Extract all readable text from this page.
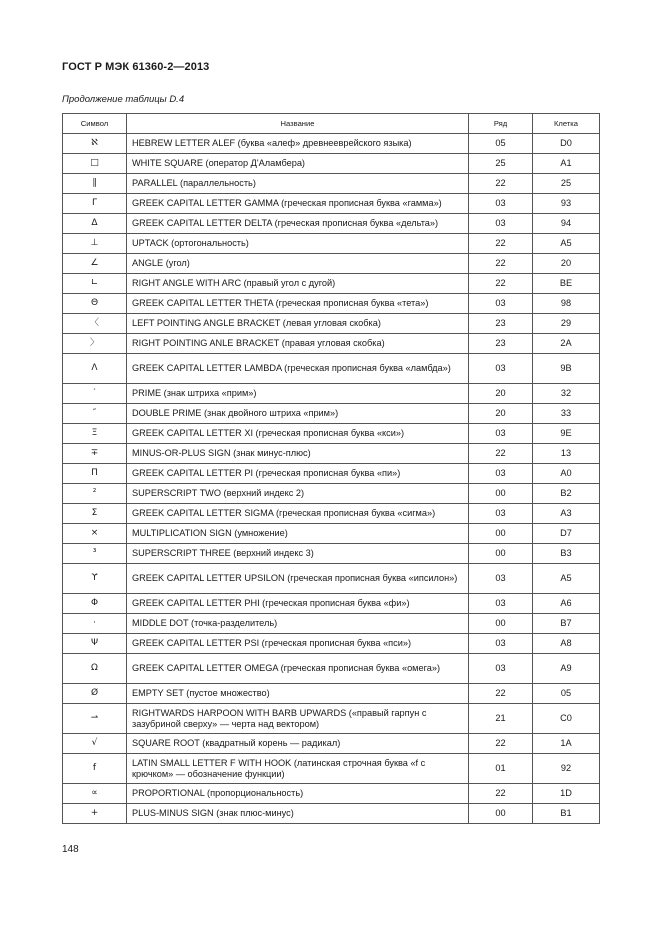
ГОСТ Р МЭК 61360-2—2013
Продолжение таблицы D.4
Символ	Название	Ряд	Клетка
ℵ	HEBREW LETTER ALEF (буква «алеф» древнееврейского языка)	05	D0
□	WHITE SQUARE (оператор Д'Аламбера)	25	A1
∥	PARALLEL (параллельность)	22	25
Γ	GREEK CAPITAL LETTER GAMMA (греческая прописная буква «гамма»)	03	93
Δ	GREEK CAPITAL LETTER DELTA (греческая прописная буква «дельта»)	03	94
⊥	UPTACK (ортогональность)	22	A5
∠	ANGLE (угол)	22	20
∟	RIGHT ANGLE WITH ARC (правый угол с дугой)	22	BE
Θ	GREEK CAPITAL LETTER THETA (греческая прописная буква «тета»)	03	98
〈	LEFT POINTING ANGLE BRACKET (левая угловая скобка)	23	29
〉	RIGHT POINTING ANLE BRACKET (правая угловая скобка)	23	2A
Λ	GREEK CAPITAL LETTER LAMBDA (греческая прописная буква «ламбда»)	03	9B
′	PRIME (знак штриха «прим»)	20	32
″	DOUBLE PRIME (знак двойного штриха «прим»)	20	33
Ξ	GREEK CAPITAL LETTER XI (греческая прописная буква «кси»)	03	9E
∓	MINUS-OR-PLUS SIGN (знак минус-плюс)	22	13
Π	GREEK CAPITAL LETTER PI (греческая прописная буква «пи»)	03	A0
²	SUPERSCRIPT TWO (верхний индекс 2)	00	B2
Σ	GREEK CAPITAL LETTER SIGMA (греческая прописная буква «сигма»)	03	A3
×	MULTIPLICATION SIGN (умножение)	00	D7
³	SUPERSCRIPT THREE (верхний индекс 3)	00	B3
ϒ	GREEK CAPITAL LETTER UPSILON (греческая прописная буква «ипсилон»)	03	A5
Φ	GREEK CAPITAL LETTER PHI (греческая прописная буква «фи»)	03	A6
·	MIDDLE DOT (точка-разделитель)	00	B7
Ψ	GREEK CAPITAL LETTER PSI (греческая прописная буква «пси»)	03	A8
Ω	GREEK CAPITAL LETTER OMEGA (греческая прописная буква «омега»)	03	A9
Ø	EMPTY SET (пустое множество)	22	05
⇀	RIGHTWARDS HARPOON WITH BARB UPWARDS («правый гарпун с зазубриной сверху» — черта над вектором)	21	C0
√	SQUARE ROOT (квадратный корень — радикал)	22	1A
f	LATIN SMALL LETTER F WITH HOOK (латинская строчная буква «f с крючком» — обозначение функции)	01	92
∝	PROPORTIONAL (пропорциональность)	22	1D
+	PLUS-MINUS SIGN (знак плюс-минус)	00	B1
148
